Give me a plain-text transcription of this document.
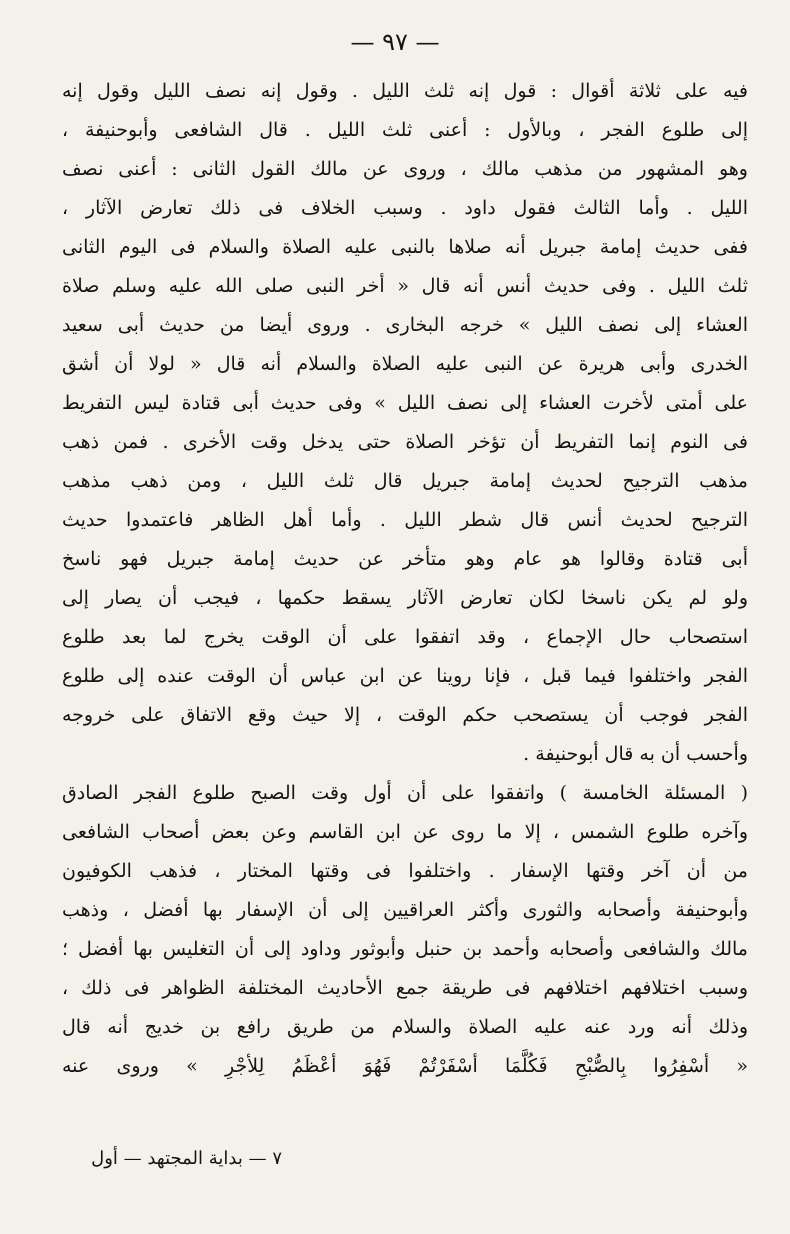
— ٩٧ —
فيه على ثلاثة أقوال : قول إنه ثلث الليل . وقول إنه نصف الليل وقول إنه
إلى طلوع الفجر ، وبالأول : أعنى ثلث الليل . قال الشافعى وأبوحنيفة ،
وهو المشهور من مذهب مالك ، وروى عن مالك القول الثانى : أعنى نصف
الليل . وأما الثالث فقول داود . وسبب الخلاف فى ذلك تعارض الآثار ،
ففى حديث إمامة جبريل أنه صلاها بالنبى عليه الصلاة والسلام فى اليوم الثانى
ثلث الليل . وفى حديث أنس أنه قال « أخر النبى صلى الله عليه وسلم صلاة
العشاء إلى نصف الليل » خرجه البخارى . وروى أيضا من حديث أبى سعيد
الخدرى وأبى هريرة عن النبى عليه الصلاة والسلام أنه قال « لولا أن أشق
على أمتى لأخرت العشاء إلى نصف الليل » وفى حديث أبى قتادة ليس التفريط
فى النوم إنما التفريط أن تؤخر الصلاة حتى يدخل وقت الأخرى . فمن ذهب
مذهب الترجيح لحديث إمامة جبريل قال ثلث الليل ، ومن ذهب مذهب
الترجيح لحديث أنس قال شطر الليل . وأما أهل الظاهر فاعتمدوا حديث
أبى قتادة وقالوا هو عام وهو متأخر عن حديث إمامة جبريل فهو ناسخ
ولو لم يكن ناسخا لكان تعارض الآثار يسقط حكمها ، فيجب أن يصار إلى
استصحاب حال الإجماع ، وقد اتفقوا على أن الوقت يخرج لما بعد طلوع
الفجر واختلفوا فيما قبل ، فإنا روينا عن ابن عباس أن الوقت عنده إلى طلوع
الفجر فوجب أن يستصحب حكم الوقت ، إلا حيث وقع الاتفاق على خروجه
وأحسب أن به قال أبوحنيفة .
( المسئلة الخامسة ) واتفقوا على أن أول وقت الصبح طلوع الفجر الصادق
وآخره طلوع الشمس ، إلا ما روى عن ابن القاسم وعن بعض أصحاب الشافعى
من أن آخر وقتها الإسفار . واختلفوا فى وقتها المختار ، فذهب الكوفيون
وأبوحنيفة وأصحابه والثورى وأكثر العراقيين إلى أن الإسفار بها أفضل ، وذهب
مالك والشافعى وأصحابه وأحمد بن حنبل وأبوثور وداود إلى أن التغليس بها أفضل ؛
وسبب اختلافهم اختلافهم فى طريقة جمع الأحاديث المختلفة الظواهر فى ذلك ،
وذلك أنه ورد عنه عليه الصلاة والسلام من طريق رافع بن خديج أنه قال
« أسْفِرُوا بِالصُّبْحِ فَكُلَّمَا أسْفَرْتُمْ فَهُوَ أعْظَمُ لِلأجْرِ » وروى عنه
٧ — بداية المجتهد — أول
